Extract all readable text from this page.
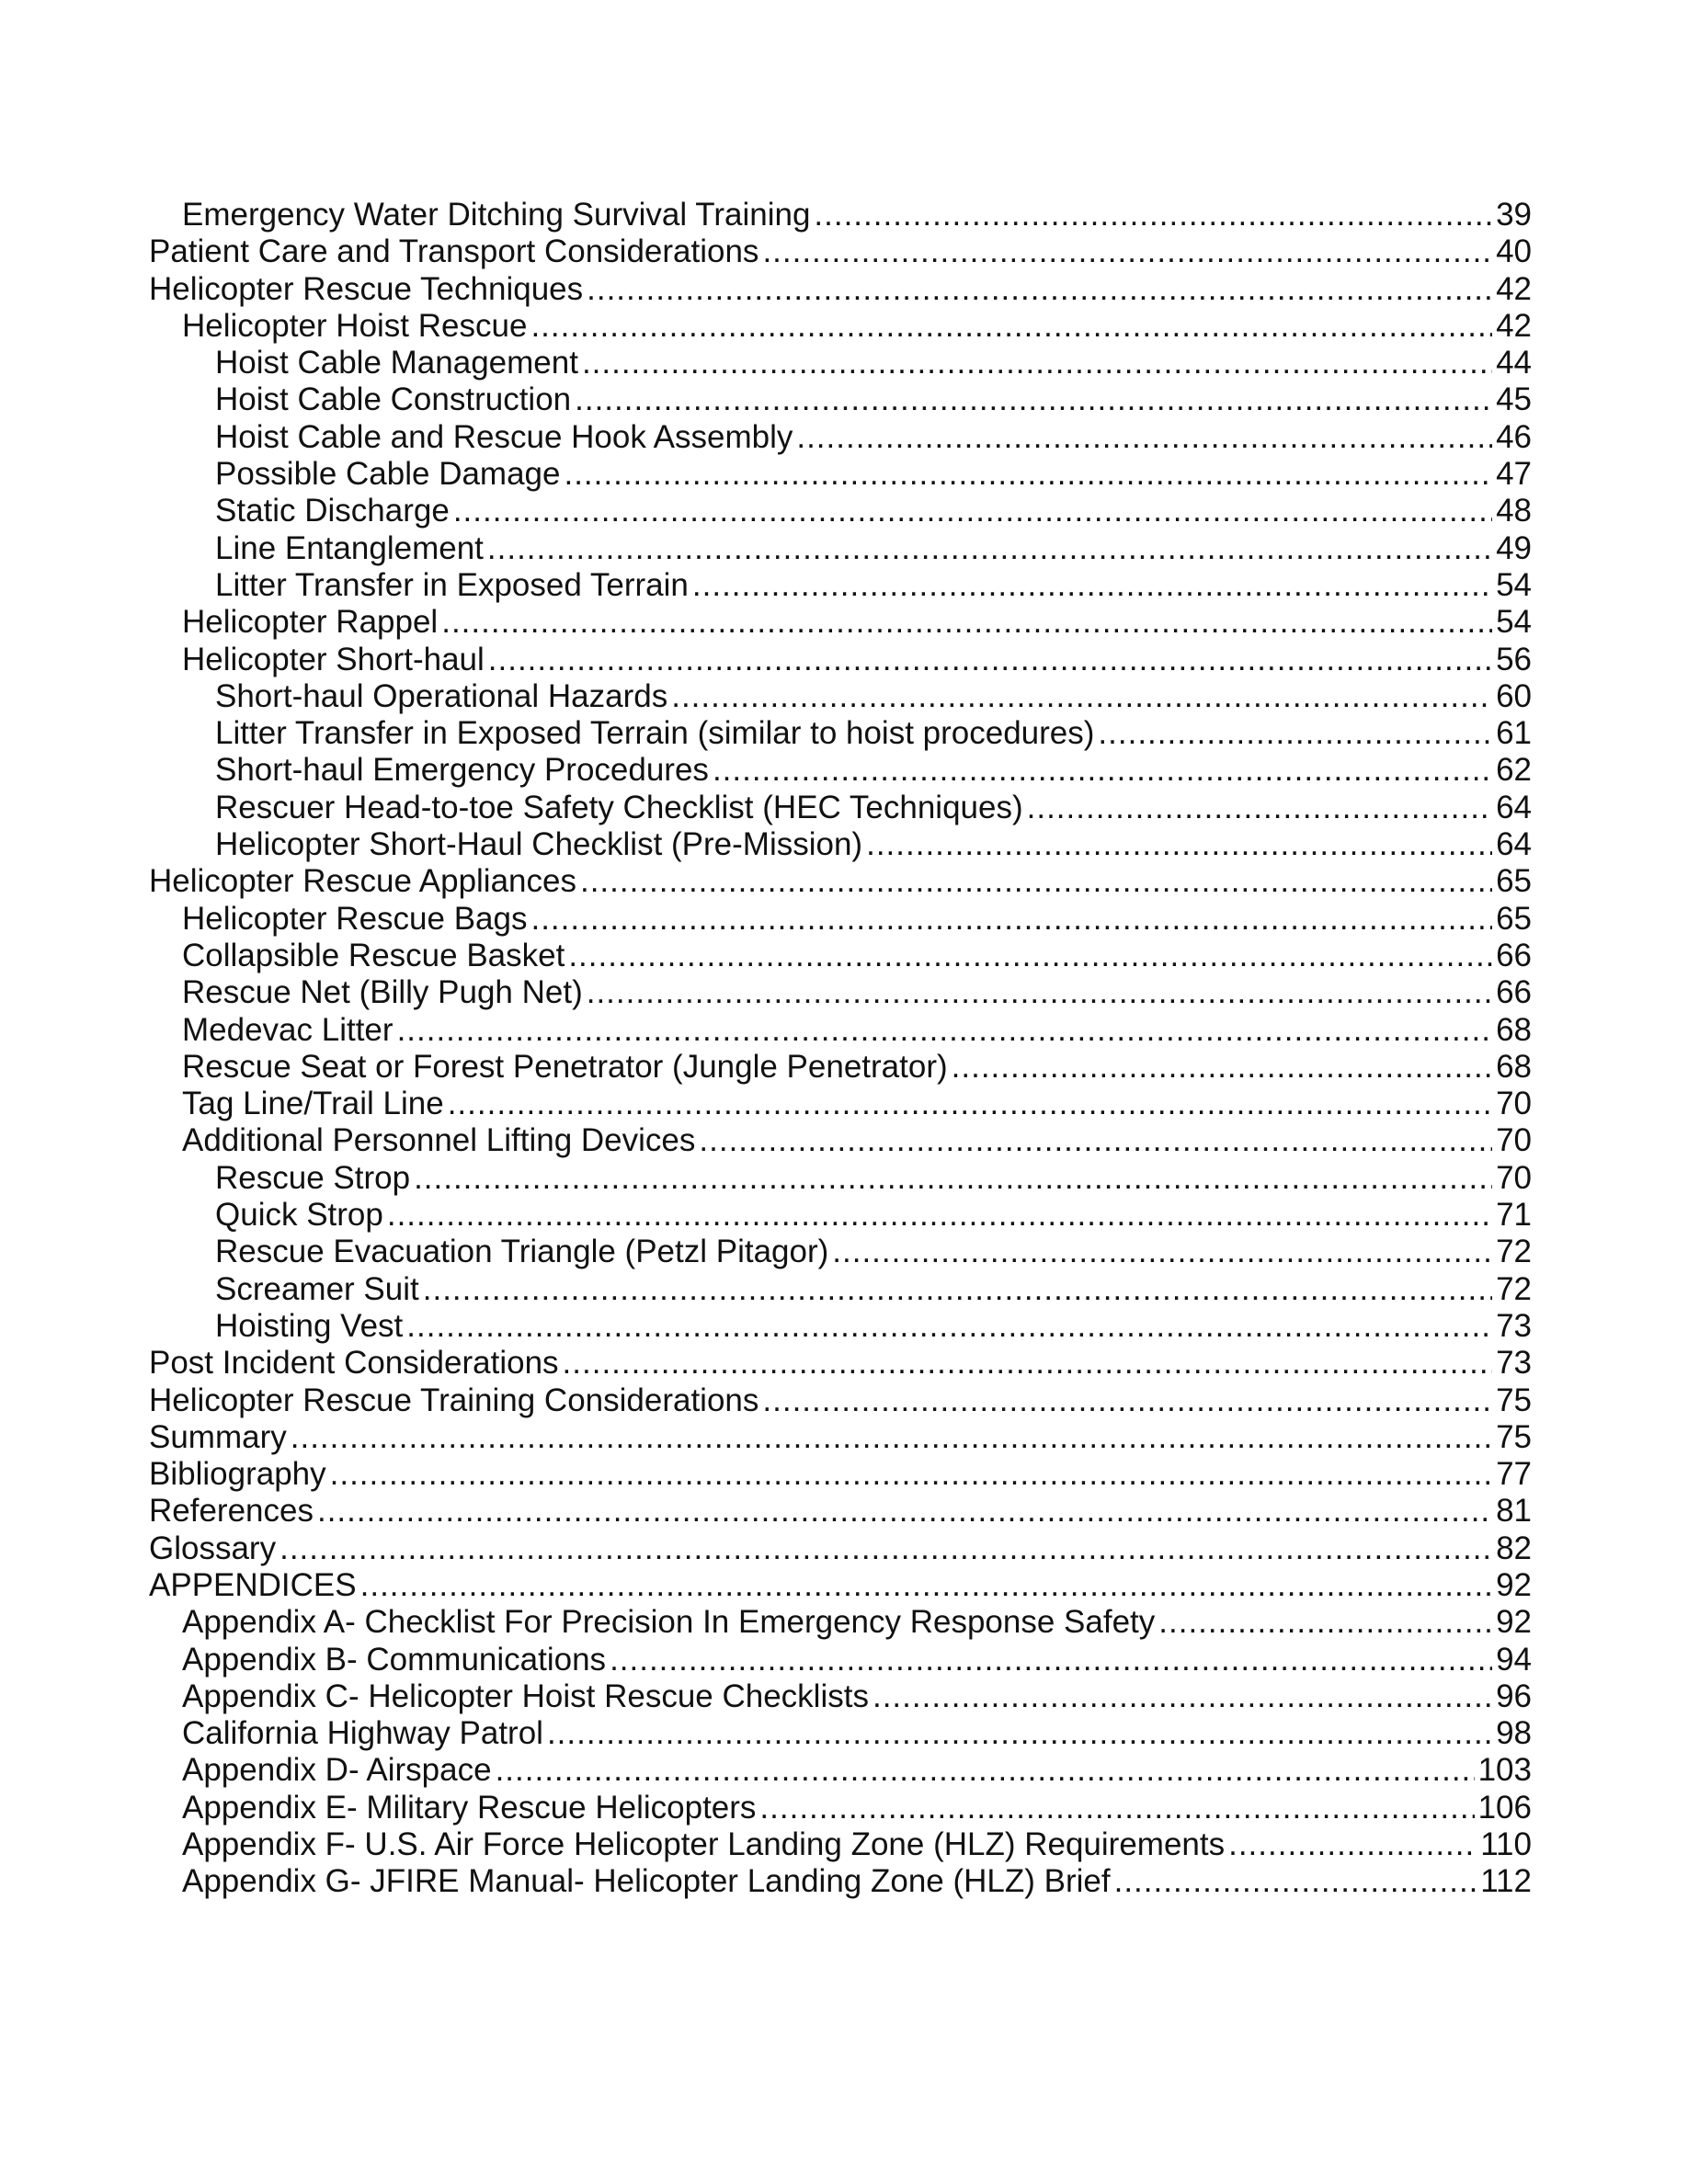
Emergency Water Ditching Survival Training .....	39
Patient Care and Transport Considerations .....	40
Helicopter Rescue Techniques .....	42
Helicopter Hoist Rescue .....	42
Hoist Cable Management .....	44
Hoist Cable Construction .....	45
Hoist Cable and Rescue Hook Assembly .....	46
Possible Cable Damage .....	47
Static Discharge .....	48
Line Entanglement .....	49
Litter Transfer in Exposed Terrain .....	54
Helicopter Rappel .....	54
Helicopter Short-haul .....	56
Short-haul Operational Hazards .....	60
Litter Transfer in Exposed Terrain (similar to hoist procedures) .....	61
Short-haul Emergency Procedures .....	62
Rescuer Head-to-toe Safety Checklist (HEC Techniques) .....	64
Helicopter Short-Haul Checklist (Pre-Mission) .....	64
Helicopter Rescue Appliances .....	65
Helicopter Rescue Bags .....	65
Collapsible Rescue Basket .....	66
Rescue Net (Billy Pugh Net) .....	66
Medevac Litter .....	68
Rescue Seat or Forest Penetrator (Jungle Penetrator) .....	68
Tag Line/Trail Line .....	70
Additional Personnel Lifting Devices .....	70
Rescue Strop .....	70
Quick Strop .....	71
Rescue Evacuation Triangle (Petzl Pitagor) .....	72
Screamer Suit .....	72
Hoisting Vest .....	73
Post Incident Considerations .....	73
Helicopter Rescue Training Considerations .....	75
Summary .....	75
Bibliography .....	77
References .....	81
Glossary .....	82
APPENDICES .....	92
Appendix A- Checklist For Precision In Emergency Response Safety .....	92
Appendix B- Communications .....	94
Appendix C- Helicopter Hoist Rescue Checklists .....	96
California Highway Patrol .....	98
Appendix D- Airspace .....	103
Appendix E- Military Rescue Helicopters .....	106
Appendix F- U.S. Air Force Helicopter Landing Zone (HLZ) Requirements .....	110
Appendix G- JFIRE Manual- Helicopter Landing Zone (HLZ) Brief .....	112
